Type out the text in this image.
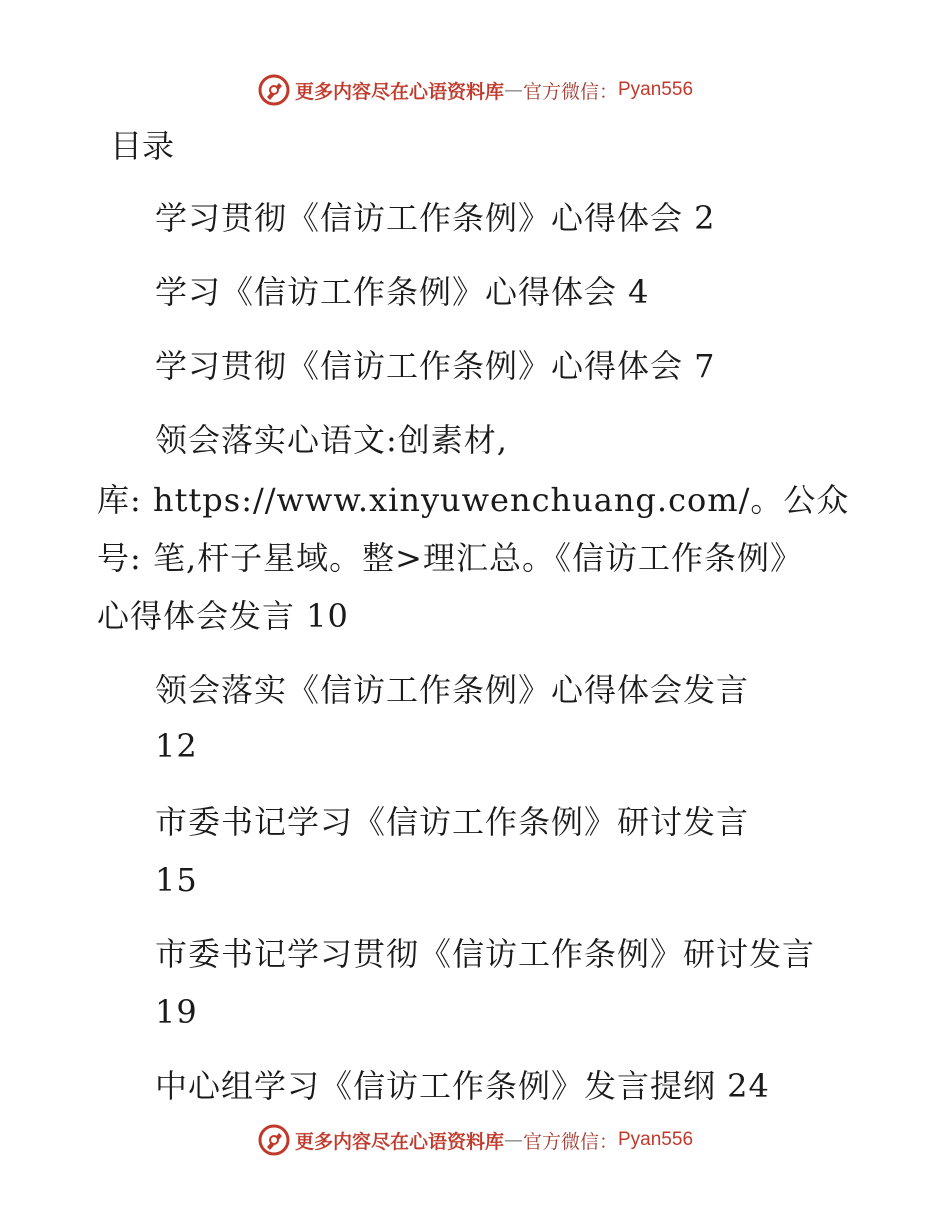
更多内容尽在心语资料库 — 官方微信： Pyan556
目录
学习贯彻《信访工作条例》心得体会 2
学习《信访工作条例》心得体会 4
学习贯彻《信访工作条例》心得体会 7
领会落实心语文:创素材,
库: https://www.xinyuwenchuang.com/。公众
号: 笔,杆子星域。整>理汇总。《信访工作条例》
心得体会发言 10
领会落实《信访工作条例》心得体会发言
12
市委书记学习《信访工作条例》研讨发言
15
市委书记学习贯彻《信访工作条例》研讨发言
19
中心组学习《信访工作条例》发言提纲 24
更多内容尽在心语资料库 — 官方微信： Pyan556
